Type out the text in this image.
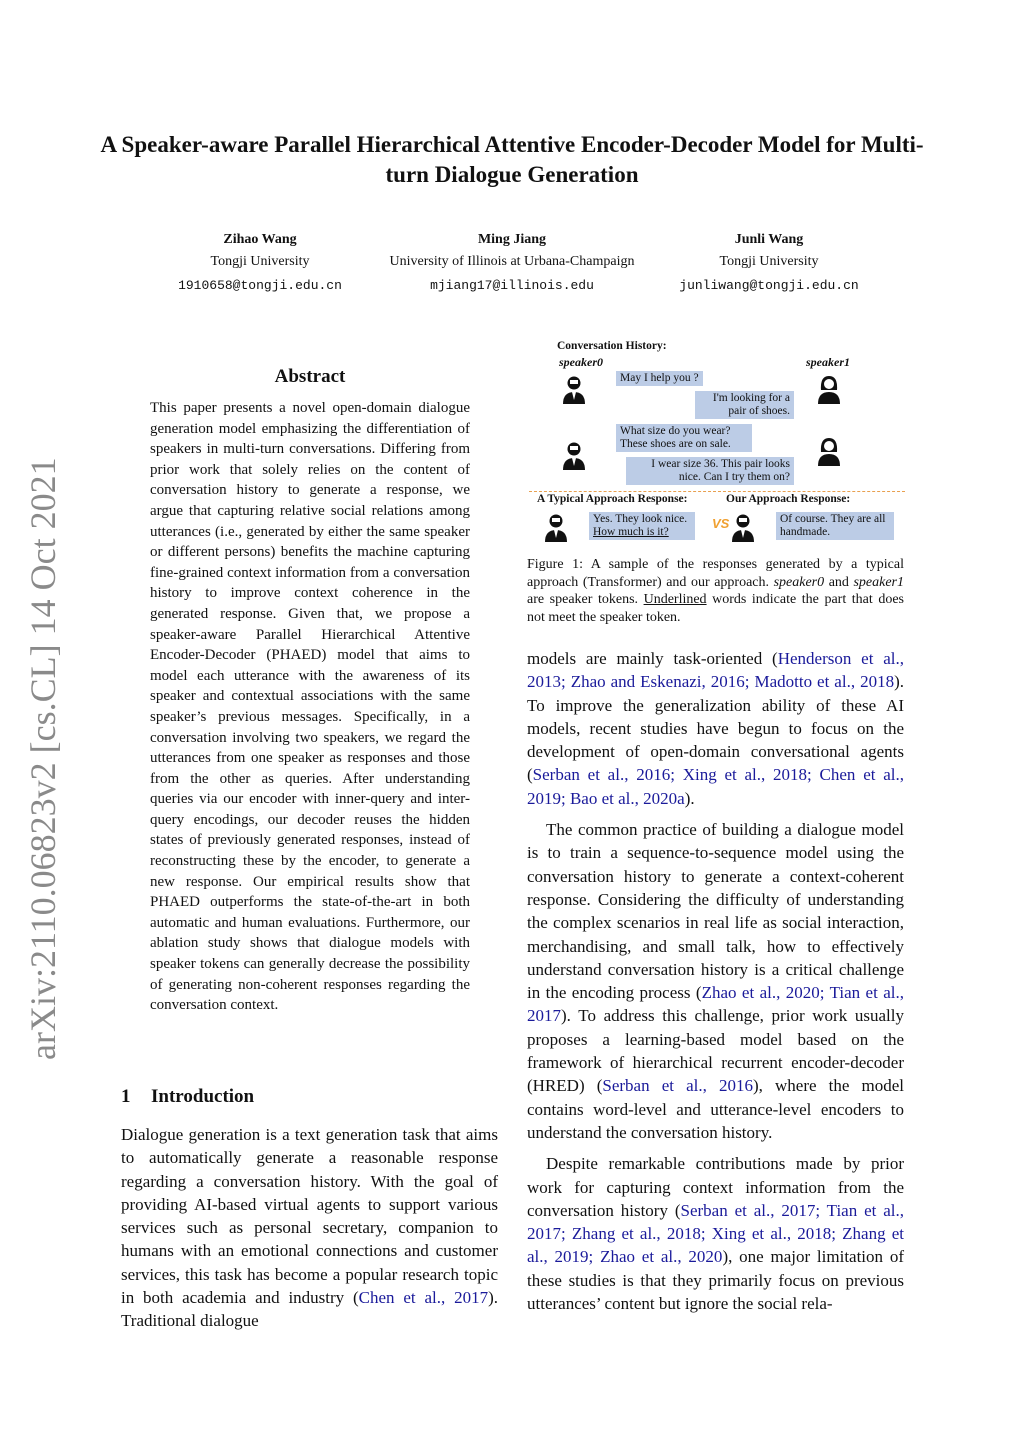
A Speaker-aware Parallel Hierarchical Attentive Encoder-Decoder Model for Multi-turn Dialogue Generation
Zihao Wang
Tongji University
1910658@tongji.edu.cn
Ming Jiang
University of Illinois at Urbana-Champaign
mjiang17@illinois.edu
Junli Wang
Tongji University
junliwang@tongji.edu.cn
arXiv:2110.06823v2 [cs.CL] 14 Oct 2021
Abstract
This paper presents a novel open-domain dialogue generation model emphasizing the differentiation of speakers in multi-turn conversations. Differing from prior work that solely relies on the content of conversation history to generate a response, we argue that capturing relative social relations among utterances (i.e., generated by either the same speaker or different persons) benefits the machine capturing fine-grained context information from a conversation history to improve context coherence in the generated response. Given that, we propose a speaker-aware Parallel Hierarchical Attentive Encoder-Decoder (PHAED) model that aims to model each utterance with the awareness of its speaker and contextual associations with the same speaker’s previous messages. Specifically, in a conversation involving two speakers, we regard the utterances from one speaker as responses and those from the other as queries. After understanding queries via our encoder with inner-query and inter-query encodings, our decoder reuses the hidden states of previously generated responses, instead of reconstructing these by the encoder, to generate a new response. Our empirical results show that PHAED outperforms the state-of-the-art in both automatic and human evaluations. Furthermore, our ablation study shows that dialogue models with speaker tokens can generally decrease the possibility of generating non-coherent responses regarding the conversation context.
1 Introduction

Dialogue generation is a text generation task that aims to automatically generate a reasonable response regarding a conversation history. With the goal of providing AI-based virtual agents to support various services such as personal secretary, companion to humans with an emotional connections and customer services, this task has become a popular research topic in both academia and industry (Chen et al., 2017). Traditional dialogue

Conversation History:
speaker0	speaker1
May I help you ?
I'm looking for a pair of shoes.
What size do you wear? These shoes are on sale.
I wear size 36. This pair looks nice. Can I try them on?
A Typical Approach Response:	Our Approach Response:
Yes. They look nice.
How much is it?
VS	Of course. They are all handmade.
Figure 1: A sample of the responses generated by a typical approach (Transformer) and our approach. speaker0 and speaker1 are speaker tokens. Underlined words indicate the part that does not meet the speaker token.

models are mainly task-oriented (Henderson et al., 2013; Zhao and Eskenazi, 2016; Madotto et al., 2018). To improve the generalization ability of these AI models, recent studies have begun to focus on the development of open-domain conversational agents (Serban et al., 2016; Xing et al., 2018; Chen et al., 2019; Bao et al., 2020a).

The common practice of building a dialogue model is to train a sequence-to-sequence model using the conversation history to generate a context-coherent response. Considering the difficulty of understanding the complex scenarios in real life as social interaction, merchandising, and small talk, how to effectively understand conversation history is a critical challenge in the encoding process (Zhao et al., 2020; Tian et al., 2017). To address this challenge, prior work usually proposes a learning-based model based on the framework of hierarchical recurrent encoder-decoder (HRED) (Serban et al., 2016), where the model contains word-level and utterance-level encoders to understand the conversation history.

Despite remarkable contributions made by prior work for capturing context information from the conversation history (Serban et al., 2017; Tian et al., 2017; Zhang et al., 2018; Xing et al., 2018; Zhang et al., 2019; Zhao et al., 2020), one major limitation of these studies is that they primarily focus on previous utterances’ content but ignore the social rela-
